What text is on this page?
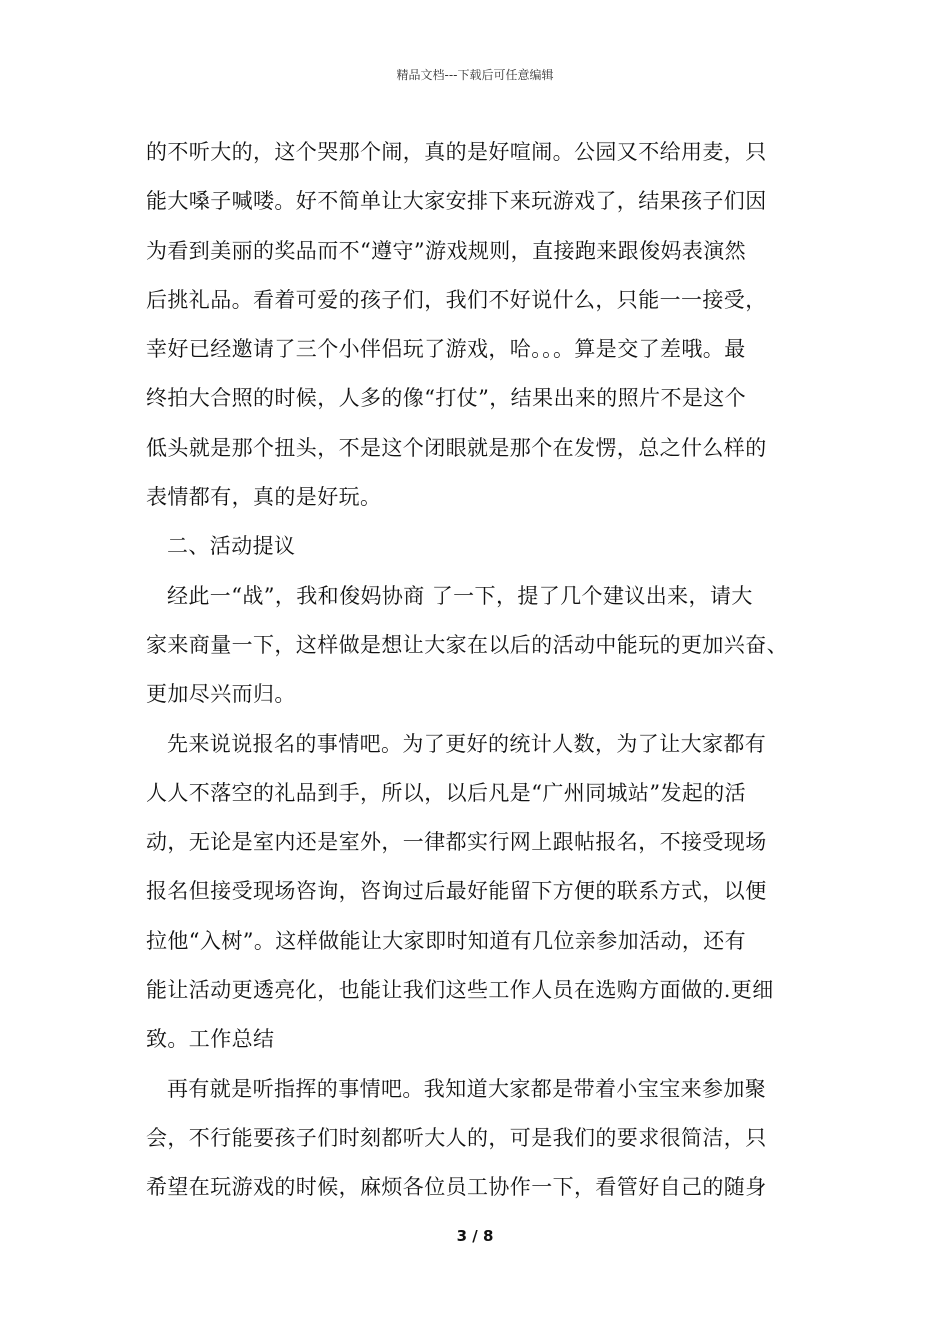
精品文档---下载后可任意编辑
的不听大的，这个哭那个闹，真的是好喧闹。公园又不给用麦，只
能大嗓子喊喽。好不简单让大家安排下来玩游戏了，结果孩子们因
为看到美丽的奖品而不“遵守”游戏规则，直接跑来跟俊妈表演然
后挑礼品。看着可爱的孩子们，我们不好说什么，只能一一接受，
幸好已经邀请了三个小伴侣玩了游戏，哈。。。算是交了差哦。最
终拍大合照的时候，人多的像“打仗”，结果出来的照片不是这个
低头就是那个扭头，不是这个闭眼就是那个在发愣，总之什么样的
表情都有，真的是好玩。
二、活动提议
经此一“战”，我和俊妈协商 了一下，提了几个建议出来，请大
家来商量一下，这样做是想让大家在以后的活动中能玩的更加兴奋、
更加尽兴而归。
先来说说报名的事情吧。为了更好的统计人数，为了让大家都有
人人不落空的礼品到手，所以，以后凡是“广州同城站”发起的活
动，无论是室内还是室外，一律都实行网上跟帖报名，不接受现场
报名但接受现场咨询，咨询过后最好能留下方便的联系方式，以便
拉他“入树”。这样做能让大家即时知道有几位亲参加活动，还有
能让活动更透亮化，也能让我们这些工作人员在选购方面做的.更细
致。工作总结
再有就是听指挥的事情吧。我知道大家都是带着小宝宝来参加聚
会，不行能要孩子们时刻都听大人的，可是我们的要求很简洁，只
希望在玩游戏的时候，麻烦各位员工协作一下，看管好自己的随身
3 / 8
